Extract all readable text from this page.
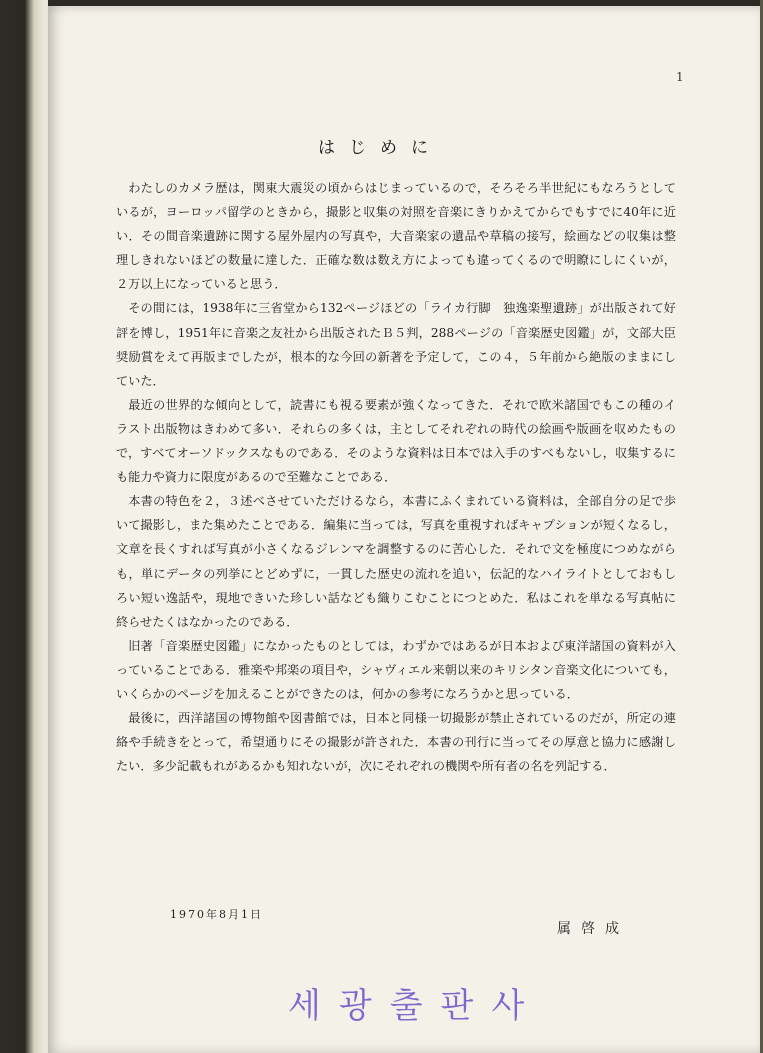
1
はじめに

わたしのカメラ歴は，関東大震災の頃からはじまっているので，そろそろ半世紀にもなろうとしているが，ヨーロッパ留学のときから，撮影と収集の対照を音楽にきりかえてからでもすでに40年に近い．その間音楽遺跡に関する屋外屋内の写真や，大音楽家の遺品や草稿の接写，絵画などの収集は整理しきれないほどの数量に達した．正確な数は数え方によっても違ってくるので明瞭にしにくいが，２万以上になっていると思う．

その間には，1938年に三省堂から132ページほどの「ライカ行脚　独逸楽聖遺跡」が出版されて好評を博し，1951年に音楽之友社から出版されたＢ５判，288ページの「音楽歴史図鑑」が，文部大臣奨励賞をえて再版までしたが，根本的な今回の新著を予定して，この４，５年前から絶版のままにしていた．

最近の世界的な傾向として，読書にも視る要素が強くなってきた．それで欧米諸国でもこの種のイラスト出版物はきわめて多い．それらの多くは，主としてそれぞれの時代の絵画や版画を収めたもので，すべてオーソドックスなものである．そのような資料は日本では入手のすべもないし，収集するにも能力や資力に限度があるので至難なことである．

本書の特色を２，３述べさせていただけるなら，本書にふくまれている資料は，全部自分の足で歩いて撮影し，また集めたことである．編集に当っては，写真を重視すればキャプションが短くなるし，文章を長くすれば写真が小さくなるジレンマを調整するのに苦心した．それで文を極度につめながらも，単にデータの列挙にとどめずに，一貫した歴史の流れを追い，伝記的なハイライトとしておもしろい短い逸話や，現地できいた珍しい話なども織りこむことにつとめた．私はこれを単なる写真帖に終らせたくはなかったのである．

旧著「音楽歴史図鑑」になかったものとしては，わずかではあるが日本および東洋諸国の資料が入っていることである．雅楽や邦楽の項目や，シャヴィエル来朝以来のキリシタン音楽文化についても，いくらかのページを加えることができたのは，何かの参考になろうかと思っている．

最後に，西洋諸国の博物館や図書館では，日本と同様一切撮影が禁止されているのだが，所定の連絡や手続きをとって，希望通りにその撮影が許された．本書の刊行に当ってその厚意と協力に感謝したい．多少記載もれがあるかも知れないが，次にそれぞれの機関や所有者の名を列記する．

1970年8月1日
属啓成
세광출판사
